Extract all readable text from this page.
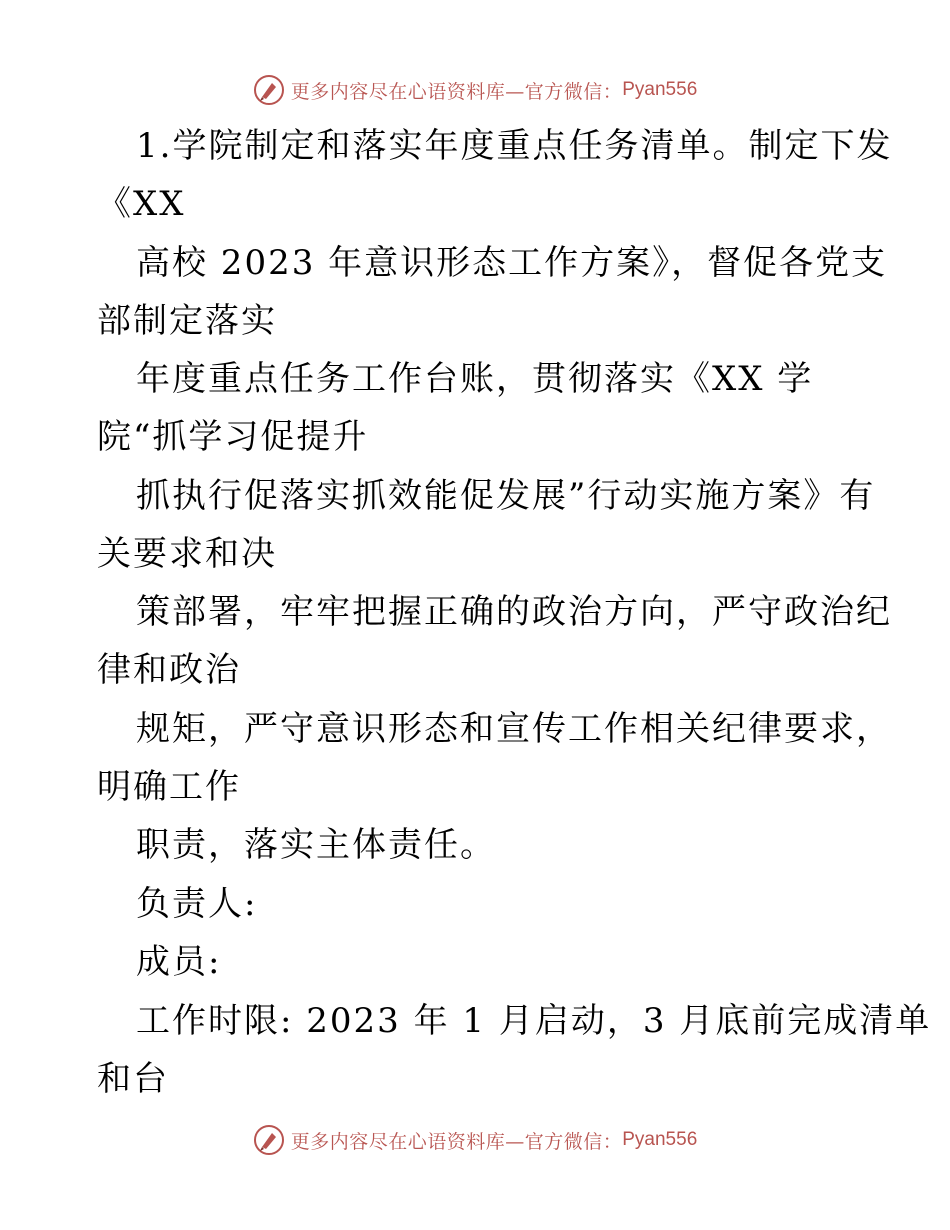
更多内容尽在心语资料库—官方微信： Pyan556
1.学院制定和落实年度重点任务清单。制定下发
《XX
高校 2023 年意识形态工作方案》，督促各党支
部制定落实
年度重点任务工作台账，贯彻落实《XX 学
院“抓学习促提升
抓执行促落实抓效能促发展”行动实施方案》有
关要求和决
策部署，牢牢把握正确的政治方向，严守政治纪
律和政治
规矩，严守意识形态和宣传工作相关纪律要求，
明确工作
职责，落实主体责任。
负责人:
成员:
工作时限: 2023 年 1 月启动，3 月底前完成清单
和台
更多内容尽在心语资料库—官方微信： Pyan556
